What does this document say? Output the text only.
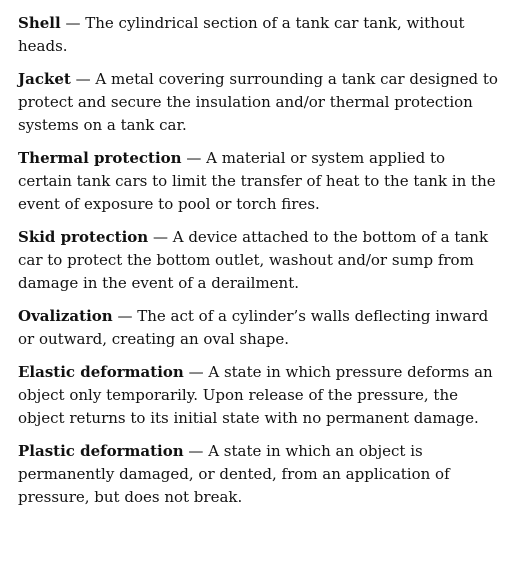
Shell — The cylindrical section of a tank car tank, without heads.

Jacket — A metal covering surrounding a tank car designed to protect and secure the insulation and/or thermal protection systems on a tank car.

Thermal protection — A material or system applied to certain tank cars to limit the transfer of heat to the tank in the event of exposure to pool or torch fires.

Skid protection — A device attached to the bottom of a tank car to protect the bottom outlet, washout and/or sump from damage in the event of a derailment.

Ovalization — The act of a cylinder’s walls deflecting inward or outward, creating an oval shape.

Elastic deformation — A state in which pressure deforms an object only temporarily. Upon release of the pressure, the object returns to its initial state with no permanent damage.

Plastic deformation — A state in which an object is permanently damaged, or dented, from an application of pressure, but does not break.
